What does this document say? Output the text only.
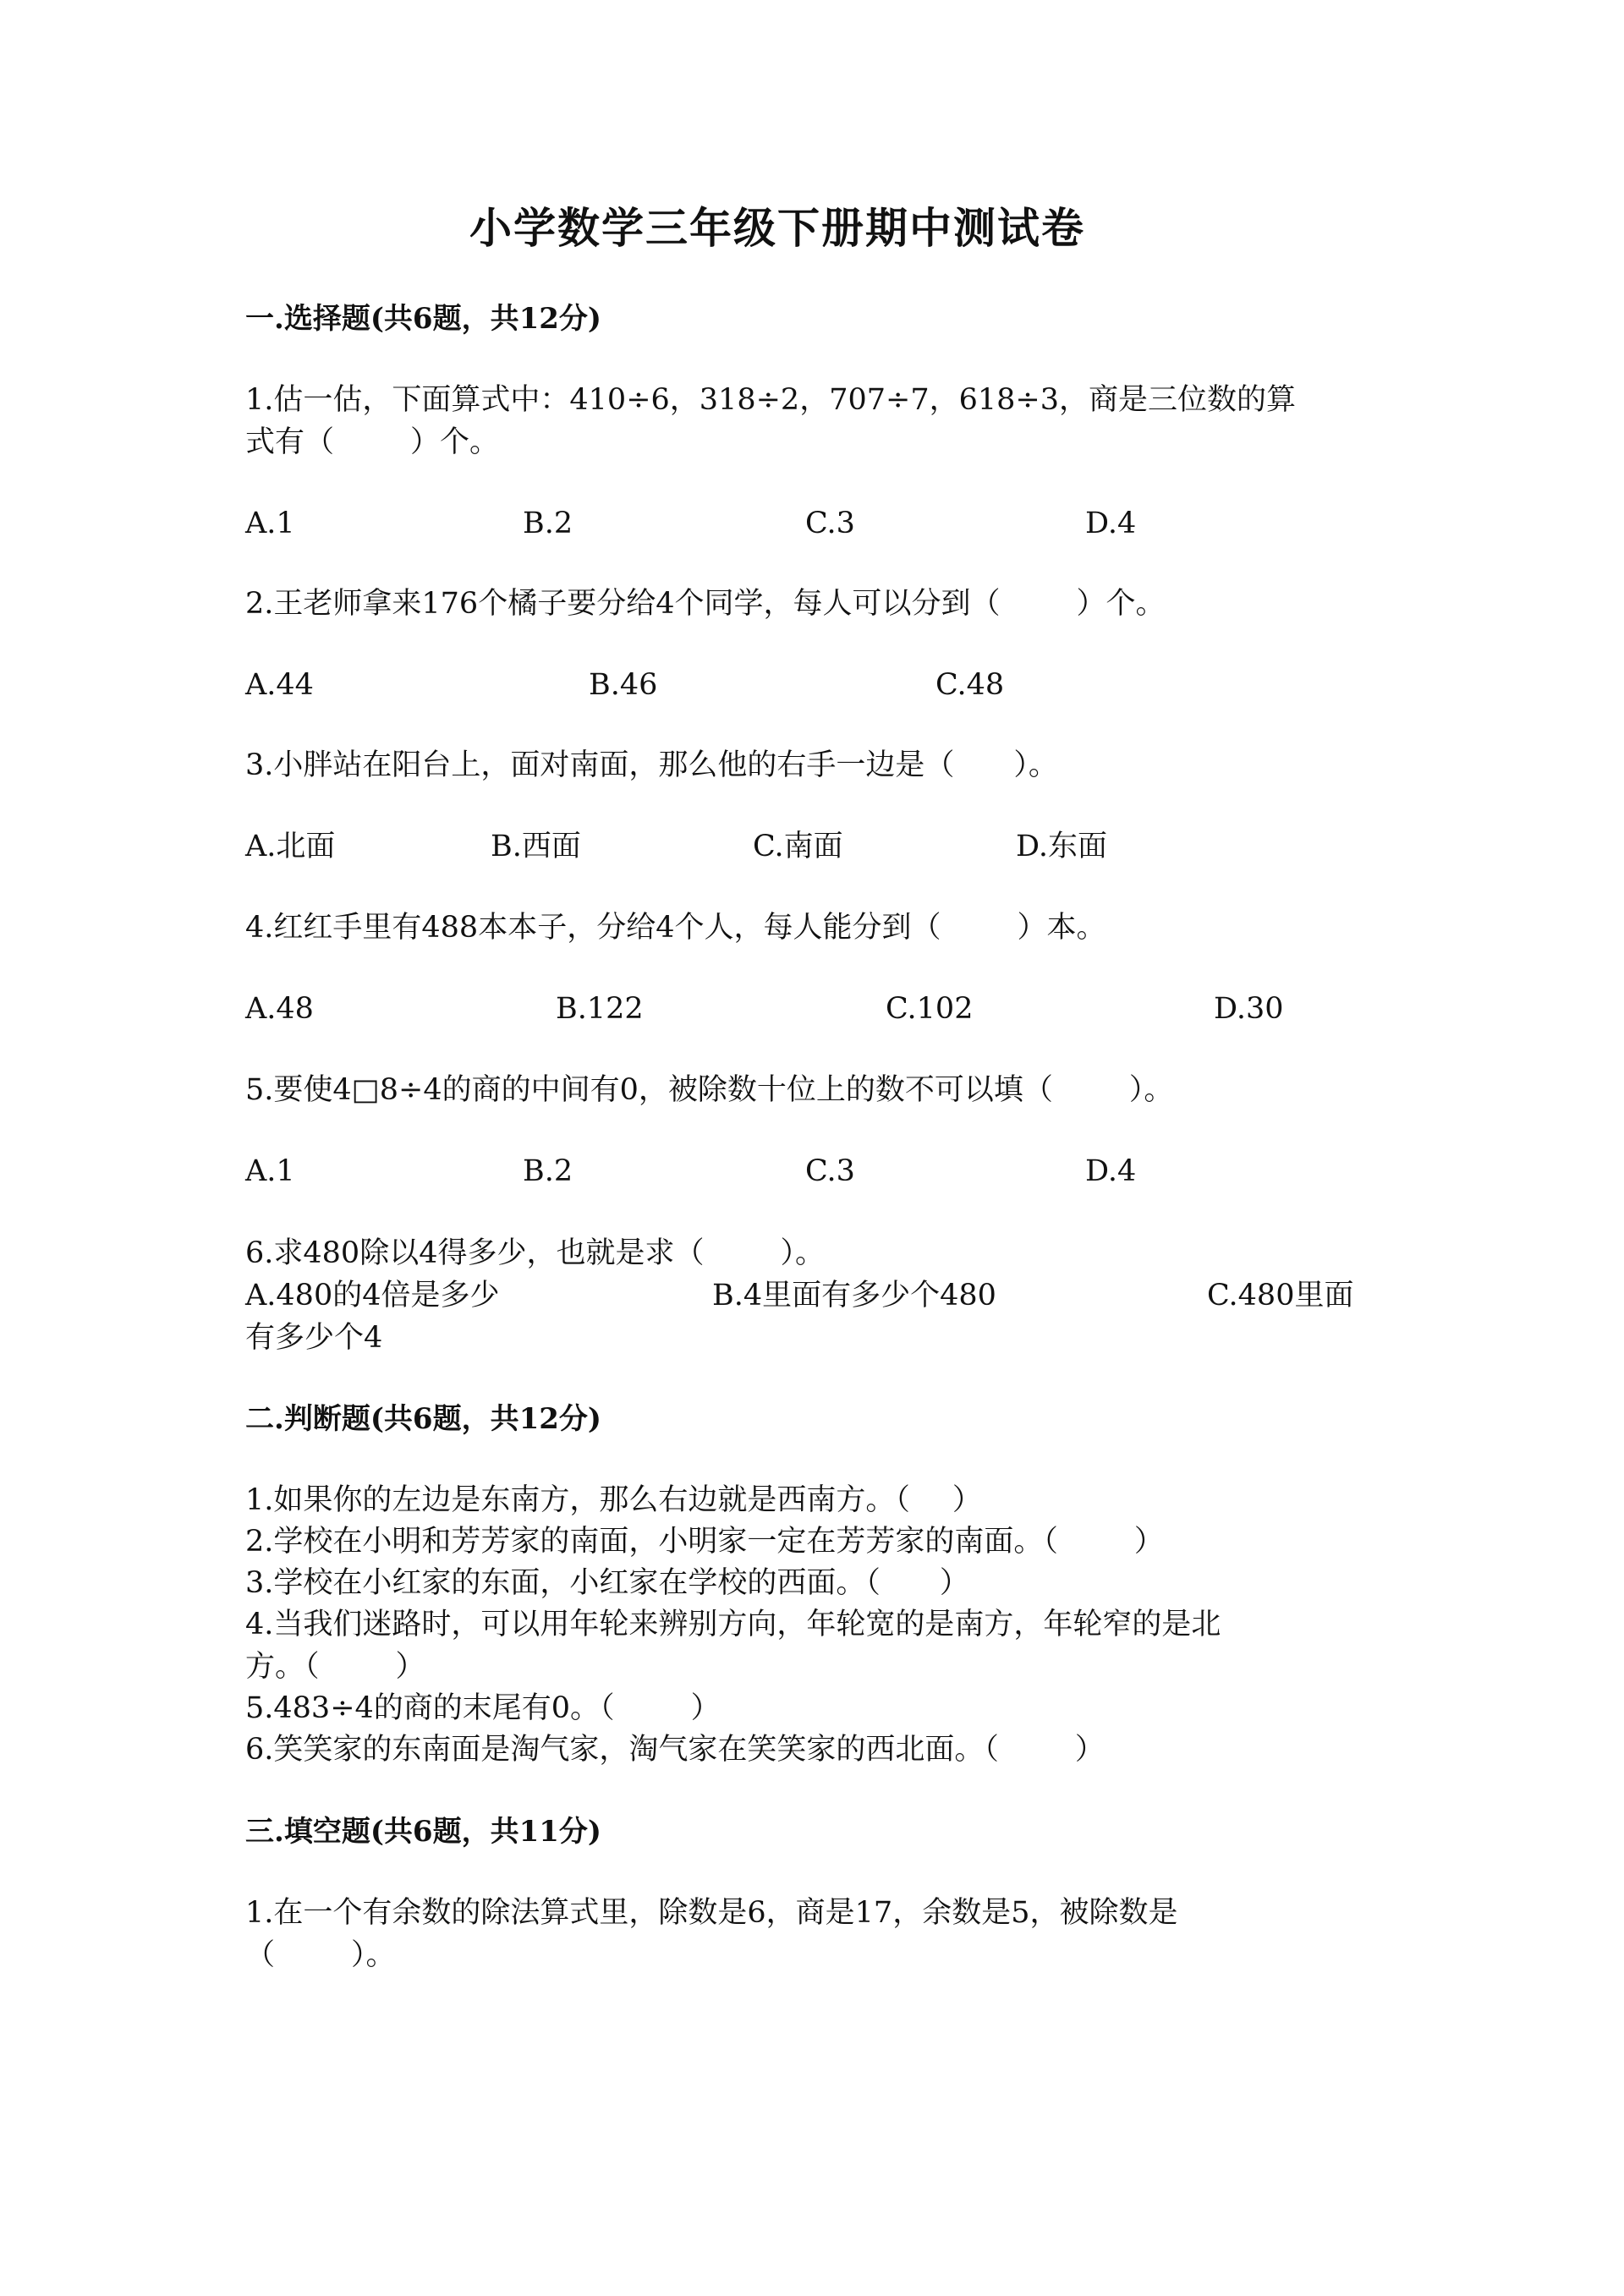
小学数学三年级下册期中测试卷
一.选择题(共6题，共12分)
1.估一估，下面算式中：410÷6，318÷2，707÷7，618÷3，商是三位数的算
式有（	）个。
A.1	B.2	C.3	D.4
2.王老师拿来176个橘子要分给4个同学，每人可以分到（	）个。
A.44	B.46	C.48
3.小胖站在阳台上，面对南面，那么他的右手一边是（ ）。
A.北面	B.西面	C.南面	D.东面
4.红红手里有488本本子，分给4个人，每人能分到（	）本。
A.48	B.122	C.102	D.30
5.要使4□8÷4的商的中间有0，被除数十位上的数不可以填（	）。
A.1	B.2	C.3	D.4
6.求480除以4得多少，也就是求（	）。
A.480的4倍是多少	B.4里面有多少个480	C.480里面
有多少个4
二.判断题(共6题，共12分)
1.如果你的左边是东南方，那么右边就是西南方。（ ）
2.学校在小明和芳芳家的南面，小明家一定在芳芳家的南面。（	）
3.学校在小红家的东面，小红家在学校的西面。（ ）
4.当我们迷路时，可以用年轮来辨别方向，年轮宽的是南方，年轮窄的是北
方。（	）
5.483÷4的商的末尾有0。（	）
6.笑笑家的东南面是淘气家，淘气家在笑笑家的西北面。（	）
三.填空题(共6题，共11分)
1.在一个有余数的除法算式里，除数是6，商是17，余数是5，被除数是
（	）。
